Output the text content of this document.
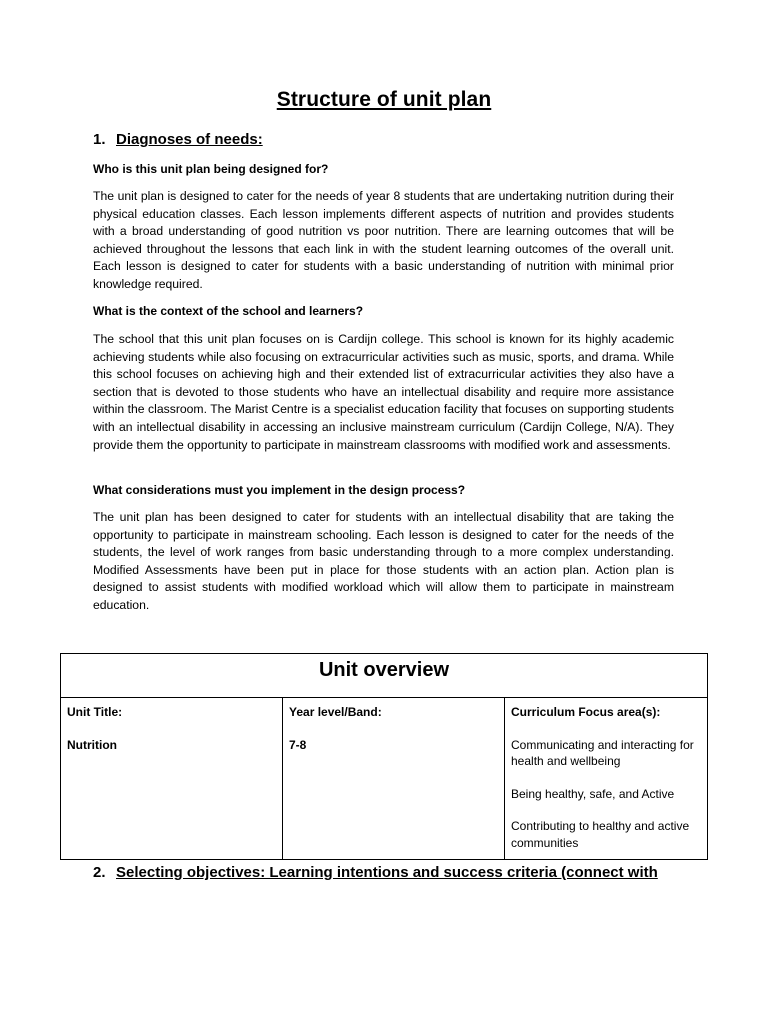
Structure of unit plan
1. Diagnoses of needs:
Who is this unit plan being designed for?
The unit plan is designed to cater for the needs of year 8 students that are undertaking nutrition during their physical education classes. Each lesson implements different aspects of nutrition and provides students with a broad understanding of good nutrition vs poor nutrition. There are learning outcomes that will be achieved throughout the lessons that each link in with the student learning outcomes of the overall unit. Each lesson is designed to cater for students with a basic understanding of nutrition with minimal prior knowledge required.
What is the context of the school and learners?
The school that this unit plan focuses on is Cardijn college. This school is known for its highly academic achieving students while also focusing on extracurricular activities such as music, sports, and drama. While this school focuses on achieving high and their extended list of extracurricular activities they also have a section that is devoted to those students who have an intellectual disability and require more assistance within the classroom. The Marist Centre is a specialist education facility that focuses on supporting students with an intellectual disability in accessing an inclusive mainstream curriculum (Cardijn College, N/A). They provide them the opportunity to participate in mainstream classrooms with modified work and assessments.
What considerations must you implement in the design process?
The unit plan has been designed to cater for students with an intellectual disability that are taking the opportunity to participate in mainstream schooling. Each lesson is designed to cater for the needs of the students, the level of work ranges from basic understanding through to a more complex understanding. Modified Assessments have been put in place for those students with an action plan. Action plan is designed to assist students with modified workload which will allow them to participate in mainstream education.
Unit overview
Unit Title:
Nutrition
Year level/Band:
7-8
Curriculum Focus area(s):
Communicating and interacting for health and wellbeing
Being healthy, safe, and Active
Contributing to healthy and active communities
2. Selecting objectives: Learning intentions and success criteria (connect with
